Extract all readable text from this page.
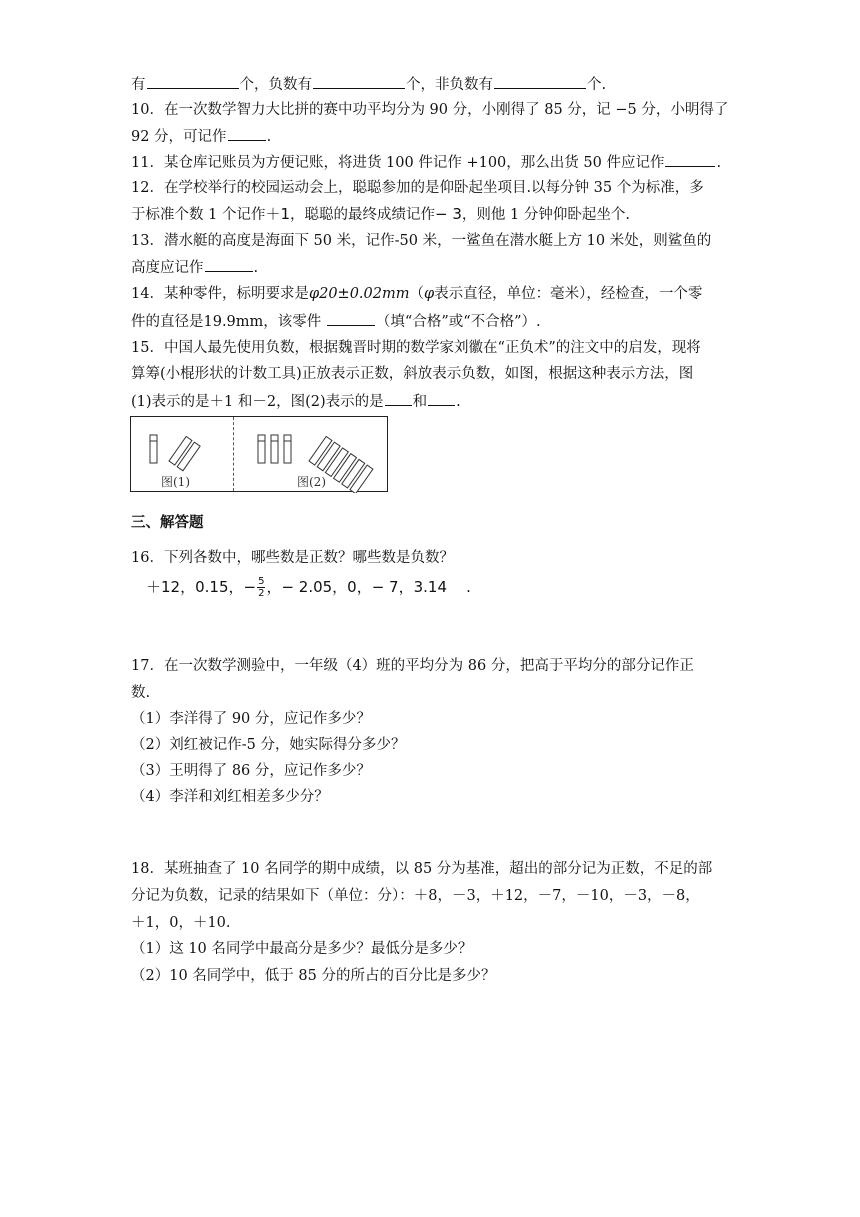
有	个，负数有	个，非负数有	个.
10．在一次数学智力大比拼的赛中功平均分为 90 分，小刚得了 85 分，记 −5 分，小明得了
92 分，可记作	.
11．某仓库记账员为方便记账，将进货 100 件记作 +100，那么出货 50 件应记作	.
12．在学校举行的校园运动会上，聪聪参加的是仰卧起坐项目.以每分钟 35 个为标准，多
于标准个数 1 个记作＋1，聪聪的最终成绩记作− 3，则他 1 分钟仰卧起坐个.
13．潜水艇的高度是海面下 50 米，记作-50 米，一鲨鱼在潜水艇上方 10 米处，则鲨鱼的
高度应记作	.
14．某种零件，标明要求是φ20±0.02mm（φ表示直径，单位：毫米），经检查，一个零
件的直径是19.9mm，该零件	（填“合格”或“不合格”）.
15．中国人最先使用负数，根据魏晋时期的数学家刘徽在“正负术”的注文中的启发，现将
算筹(小棍形状的计数工具)正放表示正数，斜放表示负数，如图，根据这种表示方法，图
(1)表示的是＋1 和－2，图(2)表示的是 和 .
图(1)	图(2)
三、解答题
16．下列各数中，哪些数是正数？哪些数是负数？
＋12，0.15，− $\frac{5}{2}$ ，− 2.05，0，− 7，3.14 .
17．在一次数学测验中，一年级（4）班的平均分为 86 分，把高于平均分的部分记作正
数.
（1）李洋得了 90 分，应记作多少？
（2）刘红被记作-5 分，她实际得分多少？
（3）王明得了 86 分，应记作多少？
（4）李洋和刘红相差多少分？
18．某班抽查了 10 名同学的期中成绩，以 85 分为基准，超出的部分记为正数，不足的部
分记为负数，记录的结果如下（单位：分）：＋8，－3，＋12，－7，－10，－3，－8，
＋1，0，＋10.
（1）这 10 名同学中最高分是多少？最低分是多少？
（2）10 名同学中，低于 85 分的所占的百分比是多少？
